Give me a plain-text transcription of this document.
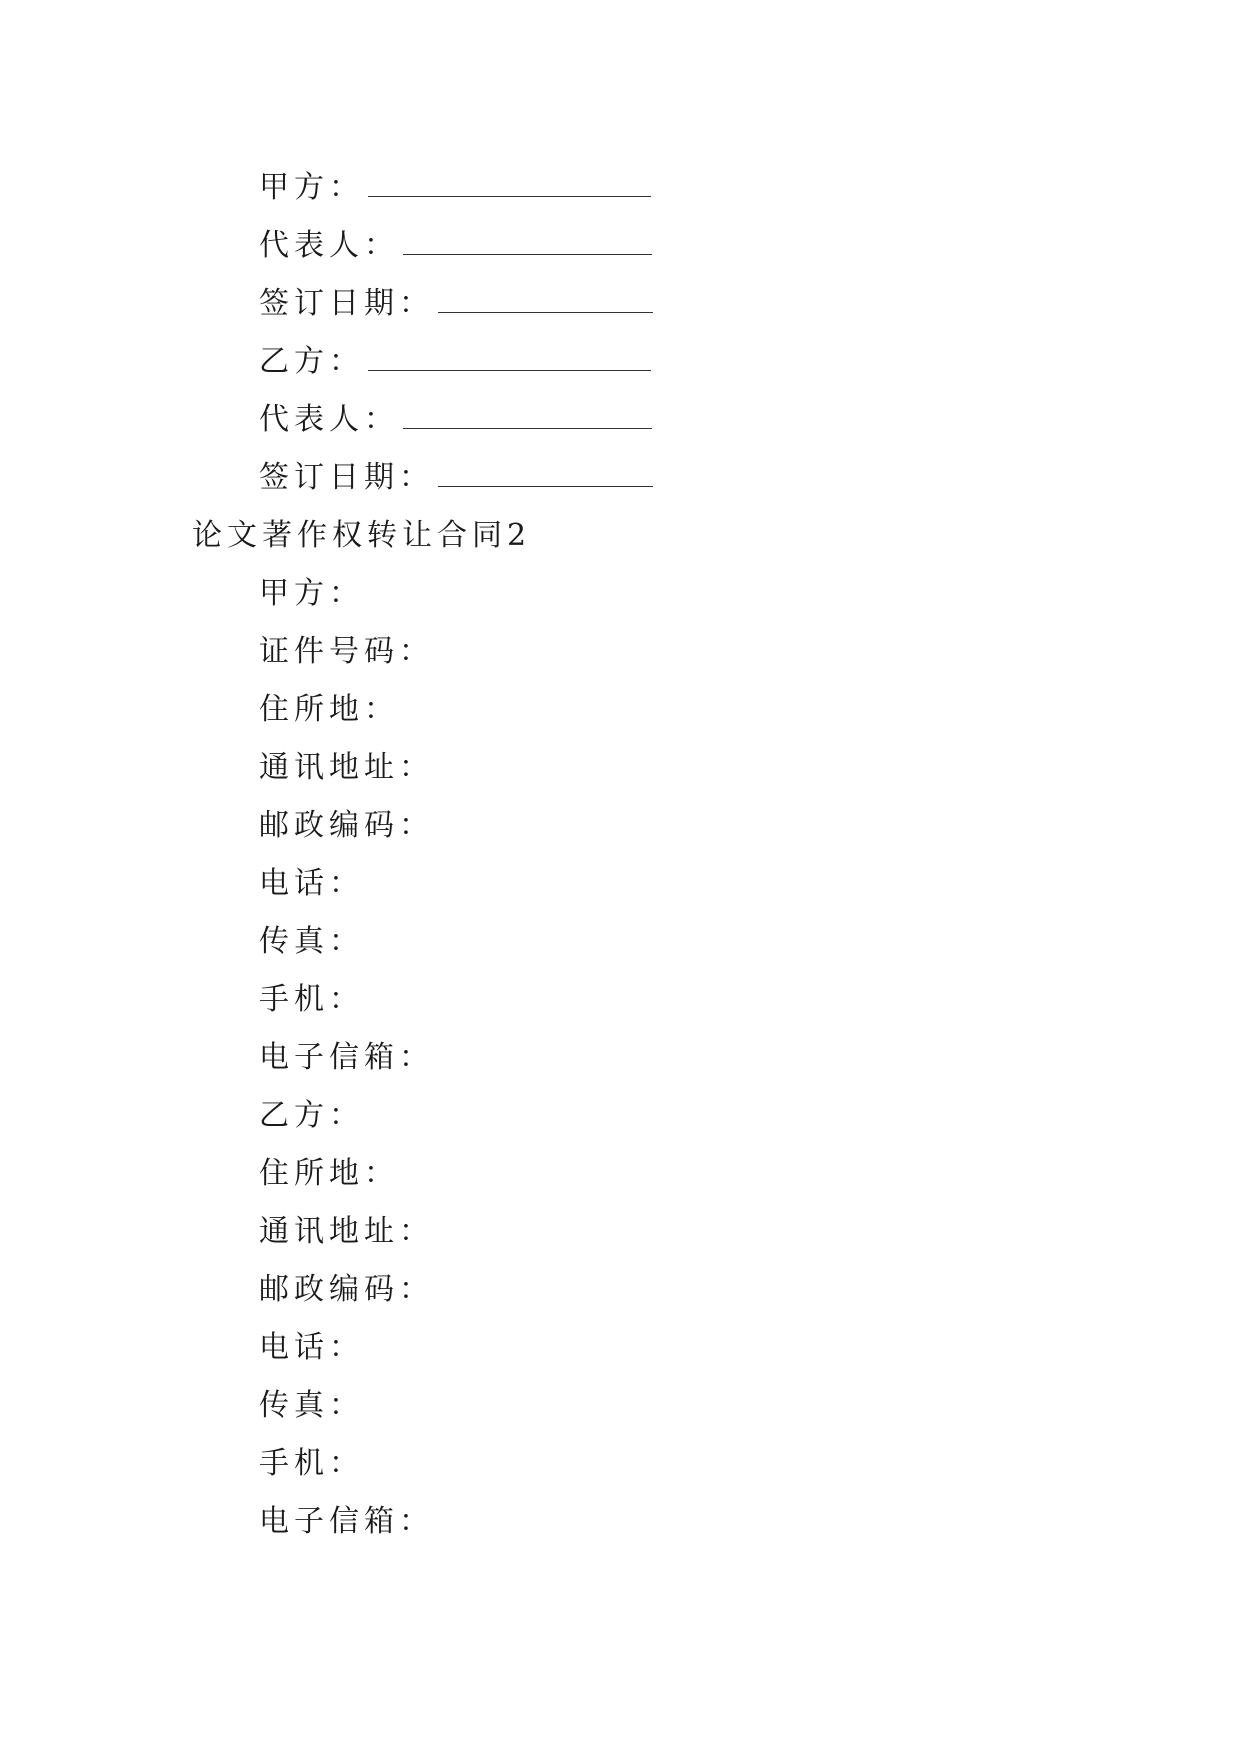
甲方：
代表人：
签订日期：
乙方：
代表人：
签订日期：
论文著作权转让合同2
甲方：
证件号码：
住所地：
通讯地址：
邮政编码：
电话：
传真：
手机：
电子信箱：
乙方：
住所地：
通讯地址：
邮政编码：
电话：
传真：
手机：
电子信箱：
